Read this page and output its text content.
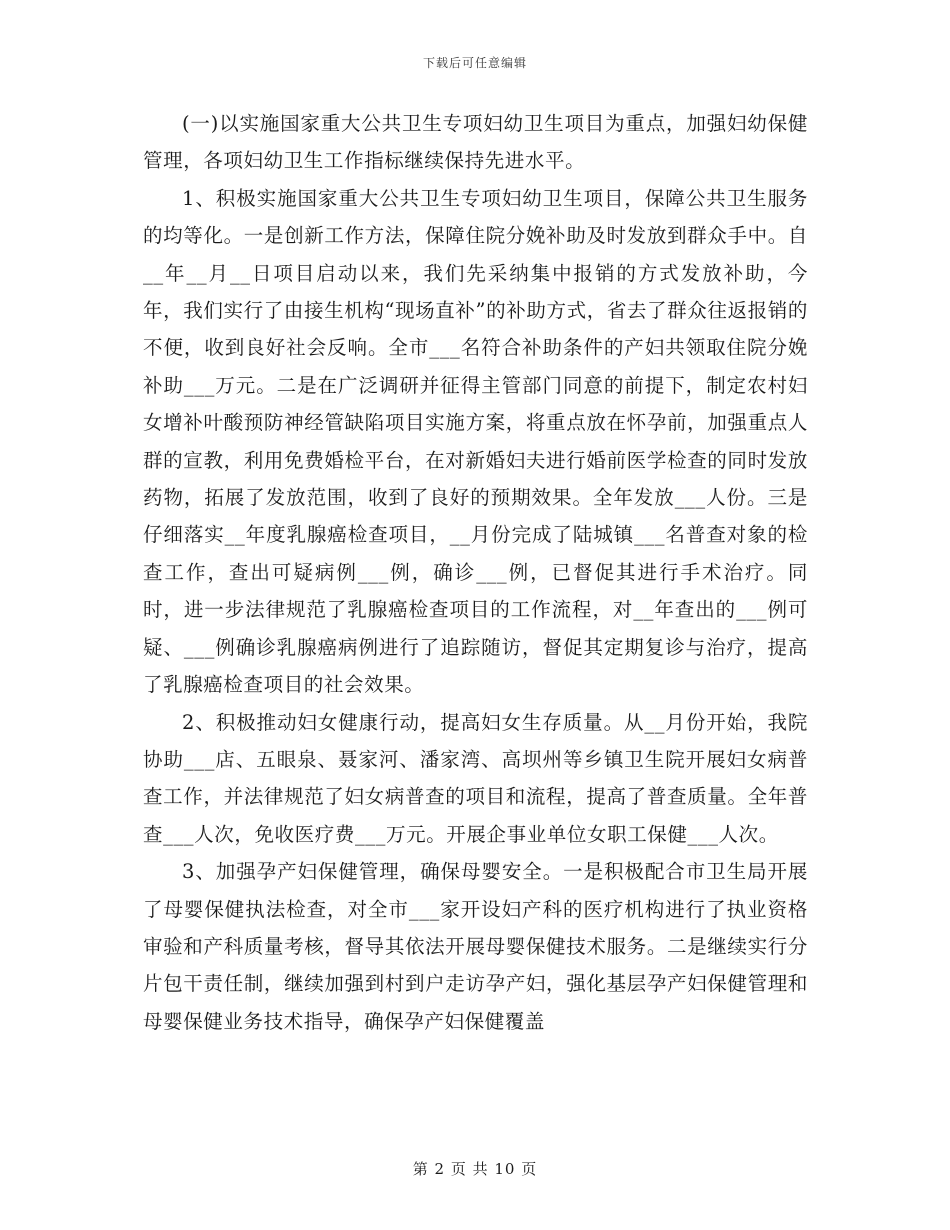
下载后可任意编辑

(一)以实施国家重大公共卫生专项妇幼卫生项目为重点，加强妇幼保健管理，各项妇幼卫生工作指标继续保持先进水平。

1、积极实施国家重大公共卫生专项妇幼卫生项目，保障公共卫生服务的均等化。一是创新工作方法，保障住院分娩补助及时发放到群众手中。自__年__月__日项目启动以来，我们先采纳集中报销的方式发放补助，今年，我们实行了由接生机构“现场直补”的补助方式，省去了群众往返报销的不便，收到良好社会反响。全市___名符合补助条件的产妇共领取住院分娩补助___万元。二是在广泛调研并征得主管部门同意的前提下，制定农村妇女增补叶酸预防神经管缺陷项目实施方案，将重点放在怀孕前，加强重点人群的宣教，利用免费婚检平台，在对新婚妇夫进行婚前医学检查的同时发放药物，拓展了发放范围，收到了良好的预期效果。全年发放___人份。三是仔细落实__年度乳腺癌检查项目，__月份完成了陆城镇___名普查对象的检查工作，查出可疑病例___例，确诊___例，已督促其进行手术治疗。同时，进一步法律规范了乳腺癌检查项目的工作流程，对__年查出的___例可疑、___例确诊乳腺癌病例进行了追踪随访，督促其定期复诊与治疗，提高了乳腺癌检查项目的社会效果。

2、积极推动妇女健康行动，提高妇女生存质量。从__月份开始，我院协助___店、五眼泉、聂家河、潘家湾、高坝州等乡镇卫生院开展妇女病普查工作，并法律规范了妇女病普查的项目和流程，提高了普查质量。全年普查___人次，免收医疗费___万元。开展企事业单位女职工保健___人次。

3、加强孕产妇保健管理，确保母婴安全。一是积极配合市卫生局开展了母婴保健执法检查，对全市___家开设妇产科的医疗机构进行了执业资格审验和产科质量考核，督导其依法开展母婴保健技术服务。二是继续实行分片包干责任制，继续加强到村到户走访孕产妇，强化基层孕产妇保健管理和母婴保健业务技术指导，确保孕产妇保健覆盖

第 2 页 共 10 页
